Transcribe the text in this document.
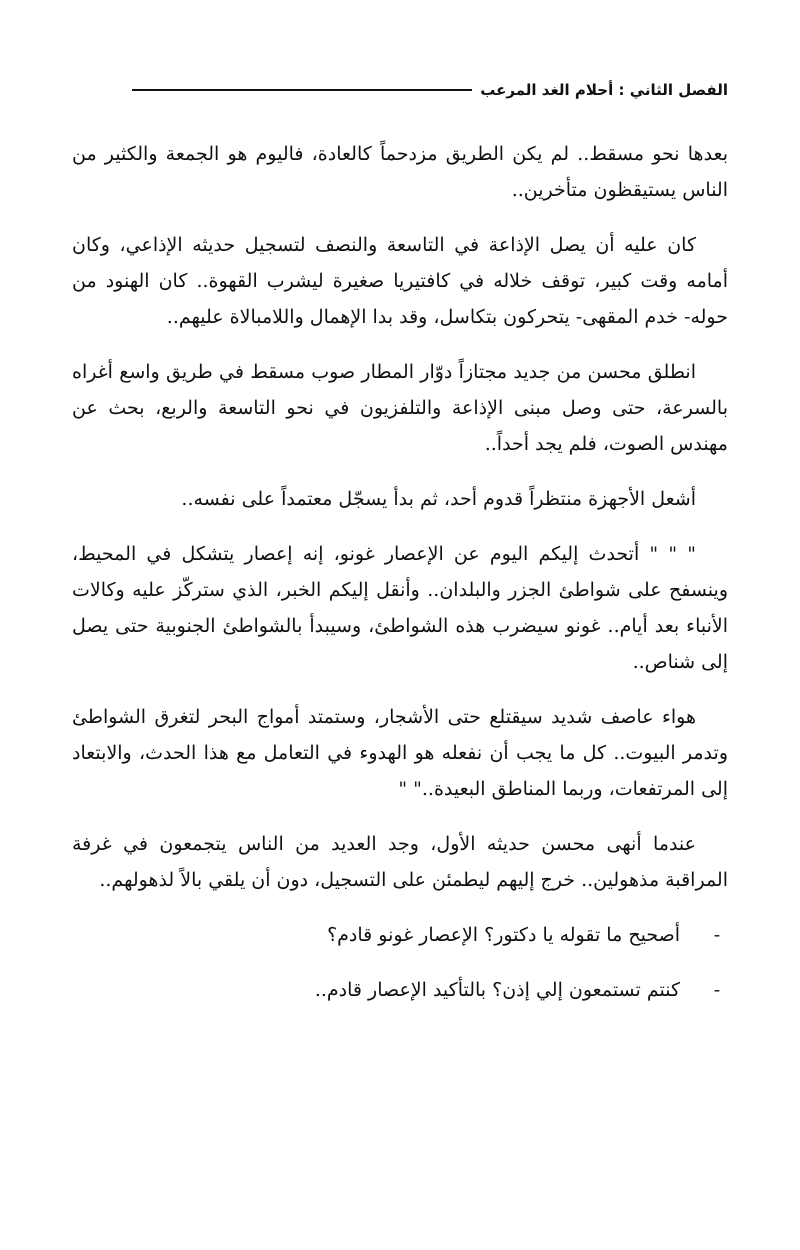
الفصل الثاني : أحلام الغد المرعب

بعدها نحو مسقط.. لم يكن الطريق مزدحماً كالعادة، فاليوم هو الجمعة والكثير من الناس يستيقظون متأخرين..

كان عليه أن يصل الإذاعة في التاسعة والنصف لتسجيل حديثه الإذاعي، وكان أمامه وقت كبير، توقف خلاله في كافتيريا صغيرة ليشرب القهوة.. كان الهنود من حوله- خدم المقهى- يتحركون بتكاسل، وقد بدا الإهمال واللامبالاة عليهم..

انطلق محسن من جديد مجتازاً دوّار المطار صوب مسقط في طريق واسع أغراه بالسرعة، حتى وصل مبنى الإذاعة والتلفزيون في نحو التاسعة والربع، بحث عن مهندس الصوت، فلم يجد أحداً..

أشعل الأجهزة منتظراً قدوم أحد، ثم بدأ يسجّل معتمداً على نفسه..

" " " أتحدث إليكم اليوم عن الإعصار غونو، إنه إعصار يتشكل في المحيط، وينسفح على شواطئ الجزر والبلدان.. وأنقل إليكم الخبر، الذي ستركّز عليه وكالات الأنباء بعد أيام.. غونو سيضرب هذه الشواطئ، وسيبدأ بالشواطئ الجنوبية حتى يصل إلى شناص..

هواء عاصف شديد سيقتلع حتى الأشجار، وستمتد أمواج البحر لتغرق الشواطئ وتدمر البيوت.. كل ما يجب أن نفعله هو الهدوء في التعامل مع هذا الحدث، والابتعاد إلى المرتفعات، وربما المناطق البعيدة.." "

عندما أنهى محسن حديثه الأول، وجد العديد من الناس يتجمعون في غرفة المراقبة مذهولين.. خرج إليهم ليطمئن على التسجيل، دون أن يلقي بالاً لذهولهم..

-
أصحيح ما تقوله يا دكتور؟ الإعصار غونو قادم؟
-
كنتم تستمعون إلي إذن؟ بالتأكيد الإعصار قادم..
